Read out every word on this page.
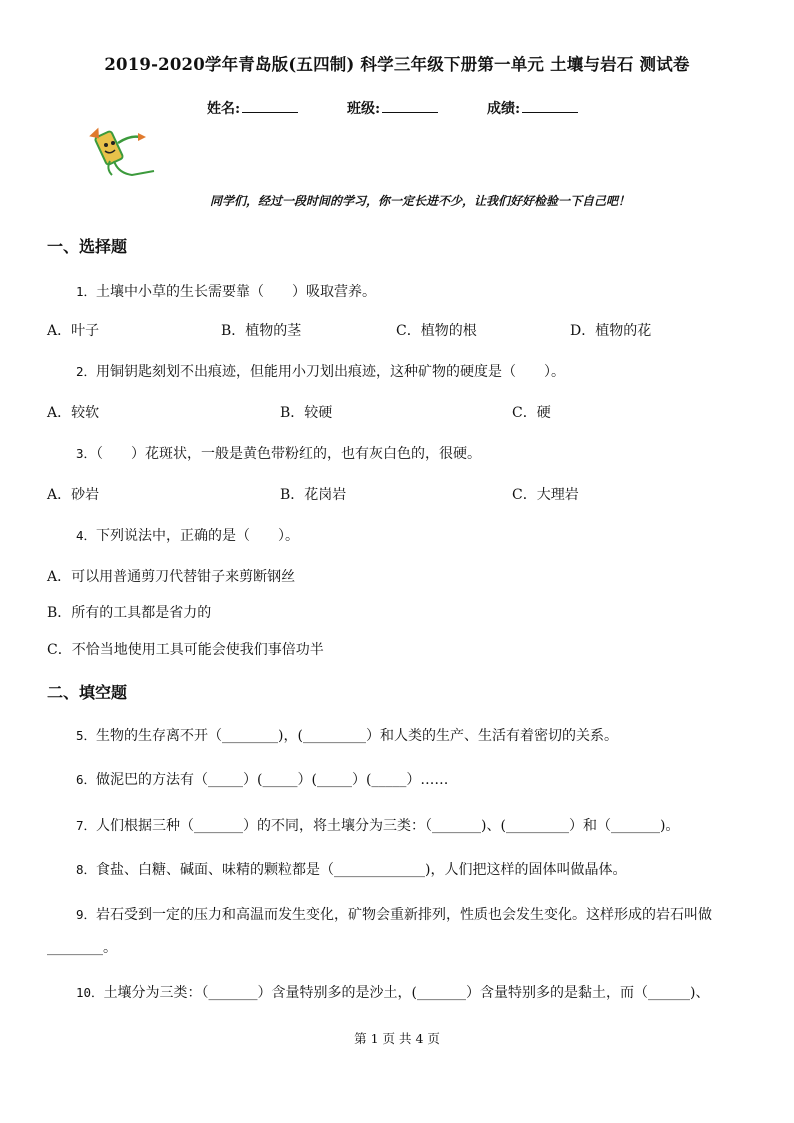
2019-2020学年青岛版(五四制) 科学三年级下册第一单元 土壤与岩石 测试卷
姓名:	班级:	成绩:
同学们，经过一段时间的学习，你一定长进不少，让我们好好检验一下自己吧！
一、选择题
1．土壤中小草的生长需要靠（　　）吸取营养。
A．叶子	B．植物的茎	C．植物的根	D．植物的花
2．用铜钥匙刻划不出痕迹，但能用小刀划出痕迹，这种矿物的硬度是（　　）。
A．较软	B．较硬	C．硬
3．（　　）花斑状，一般是黄色带粉红的，也有灰白色的，很硬。
A．砂岩	B．花岗岩	C．大理岩
4．下列说法中，正确的是（　　）。
A．可以用普通剪刀代替钳子来剪断钢丝
B．所有的工具都是省力的
C．不恰当地使用工具可能会使我们事倍功半
二、填空题
5．生物的生存离不开（________)，(_________）和人类的生产、生活有着密切的关系。
6．做泥巴的方法有（_____）(_____）(_____）(_____）……
7．人们根据三种（_______）的不同，将土壤分为三类：（_______)、(_________）和（_______)。
8．食盐、白糖、碱面、味精的颗粒都是（_____________)，人们把这样的固体叫做晶体。
9．岩石受到一定的压力和高温而发生变化，矿物会重新排列，性质也会发生变化。这样形成的岩石叫做
________。
10．土壤分为三类：（_______）含量特别多的是沙土，(_______）含量特别多的是黏土，而（______)、
第 1 页 共 4 页
